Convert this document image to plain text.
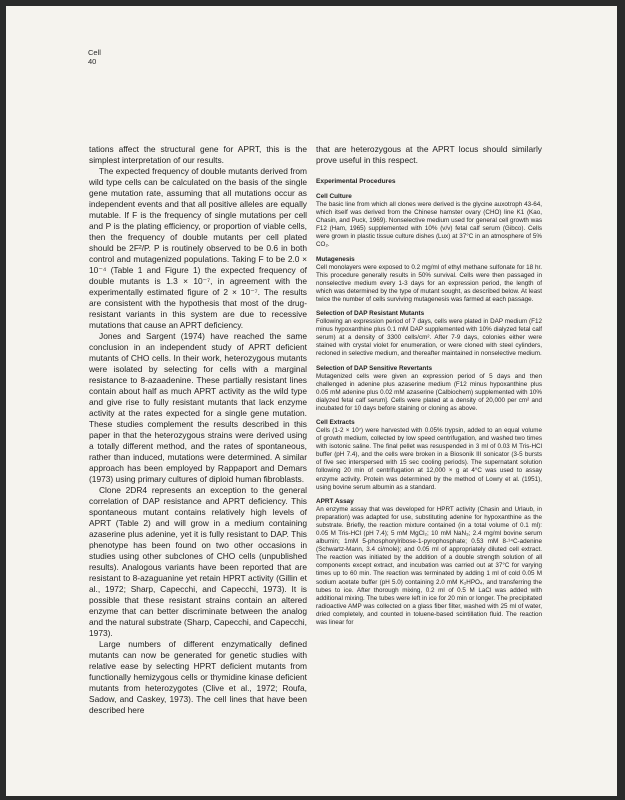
Cell
40

tations affect the structural gene for APRT, this is the simplest interpretation of our results.

The expected frequency of double mutants derived from wild type cells can be calculated on the basis of the single gene mutation rate, assuming that all mutations occur as independent events and that all positive alleles are equally mutable. If F is the frequency of single mutations per cell and P is the plating efficiency, or proportion of viable cells, then the frequency of double mutants per cell plated should be 2F²/P. P is routinely observed to be 0.6 in both control and mutagenized populations. Taking F to be 2.0 × 10⁻⁴ (Table 1 and Figure 1) the expected frequency of double mutants is 1.3 × 10⁻⁷, in agreement with the experimentally estimated figure of 2 × 10⁻⁷. The results are consistent with the hypothesis that most of the drug-resistant variants in this system are due to recessive mutations that cause an APRT deficiency.

Jones and Sargent (1974) have reached the same conclusion in an independent study of APRT deficient mutants of CHO cells. In their work, heterozygous mutants were isolated by selecting for cells with a marginal resistance to 8-azaadenine. These partially resistant lines contain about half as much APRT activity as the wild type and give rise to fully resistant mutants that lack enzyme activity at the rates expected for a single gene mutation. These studies complement the results described in this paper in that the heterozygous strains were derived using a totally different method, and the rates of spontaneous, rather than induced, mutations were determined. A similar approach has been employed by Rappaport and Demars (1973) using primary cultures of diploid human fibroblasts.

Clone 2DR4 represents an exception to the general correlation of DAP resistance and APRT deficiency. This spontaneous mutant contains relatively high levels of APRT (Table 2) and will grow in a medium containing azaserine plus adenine, yet it is fully resistant to DAP. This phenotype has been found on two other occasions in studies using other subclones of CHO cells (unpublished results). Analogous variants have been reported that are resistant to 8-azaguanine yet retain HPRT activity (Gillin et al., 1972; Sharp, Capecchi, and Capecchi, 1973). It is possible that these resistant strains contain an altered enzyme that can better discriminate between the analog and the natural substrate (Sharp, Capecchi, and Capecchi, 1973).

Large numbers of different enzymatically defined mutants can now be generated for genetic studies with relative ease by selecting HPRT deficient mutants from functionally hemizygous cells or thymidine kinase deficient mutants from heterozygotes (Clive et al., 1972; Roufa, Sadow, and Caskey, 1973). The cell lines that have been described here

that are heterozygous at the APRT locus should similarly prove useful in this respect.

Experimental Procedures
Cell Culture

The basic line from which all clones were derived is the glycine auxotroph 43-64, which itself was derived from the Chinese hamster ovary (CHO) line K1 (Kao, Chasin, and Puck, 1969). Nonselective medium used for general cell growth was F12 (Ham, 1965) supplemented with 10% (v/v) fetal calf serum (Gibco). Cells were grown in plastic tissue culture dishes (Lux) at 37°C in an atmosphere of 5% CO₂.

Mutagenesis

Cell monolayers were exposed to 0.2 mg/ml of ethyl methane sulfonate for 18 hr. This procedure generally results in 50% survival. Cells were then passaged in nonselective medium every 1-3 days for an expression period, the length of which was determined by the type of mutant sought, as described below. At least twice the number of cells surviving mutagenesis was farmed at each passage.

Selection of DAP Resistant Mutants

Following an expression period of 7 days, cells were plated in DAP medium (F12 minus hypoxanthine plus 0.1 mM DAP supplemented with 10% dialyzed fetal calf serum) at a density of 3300 cells/cm². After 7-9 days, colonies either were stained with crystal violet for enumeration, or were cloned with steel cylinders, recloned in selective medium, and thereafter maintained in nonselective medium.

Selection of DAP Sensitive Revertants

Mutagenized cells were given an expression period of 5 days and then challenged in adenine plus azaserine medium (F12 minus hypoxanthine plus 0.05 mM adenine plus 0.02 mM azaserine (Calbiochem) supplemented with 10% dialyzed fetal calf serum]. Cells were plated at a density of 20,000 per cm² and incubated for 10 days before staining or cloning as above.

Cell Extracts

Cells (1-2 × 10⁷) were harvested with 0.05% trypsin, added to an equal volume of growth medium, collected by low speed centrifugation, and washed two times with isotonic saline. The final pellet was resuspended in 3 ml of 0.03 M Tris-HCl buffer (pH 7.4), and the cells were broken in a Biosonik III sonicator (3-5 bursts of five sec interspersed with 15 sec cooling periods). The supernatant solution following 20 min of centrifugation at 12,000 × g at 4°C was used to assay enzyme activity. Protein was determined by the method of Lowry et al. (1951), using bovine serum albumin as a standard.

APRT Assay

An enzyme assay that was developed for HPRT activity (Chasin and Urlaub, in preparation) was adapted for use, substituting adenine for hypoxanthine as the substrate. Briefly, the reaction mixture contained (in a total volume of 0.1 ml): 0.05 M Tris-HCl (pH 7.4); 5 mM MgCl₂; 10 mM NaN₃; 2.4 mg/ml bovine serum albumin; 1mM 5-phosphorylribose-1-pyrophosphate; 0.53 mM 8-¹⁴C-adenine (Schwartz-Mann, 3.4 ci/mole); and 0.05 ml of appropriately diluted cell extract. The reaction was initiated by the addition of a double strength solution of all components except extract, and incubation was carried out at 37°C for varying times up to 60 min. The reaction was terminated by adding 1 ml of cold 0.05 M sodium acetate buffer (pH 5.0) containing 2.0 mM K₂HPO₄, and transferring the tubes to ice. After thorough mixing, 0.2 ml of 0.5 M LaCl was added with additional mixing. The tubes were left in ice for 20 min or longer. The precipitated radioactive AMP was collected on a glass fiber filter, washed with 25 ml of water, dried completely, and counted in toluene-based scintillation fluid. The reaction was linear for
